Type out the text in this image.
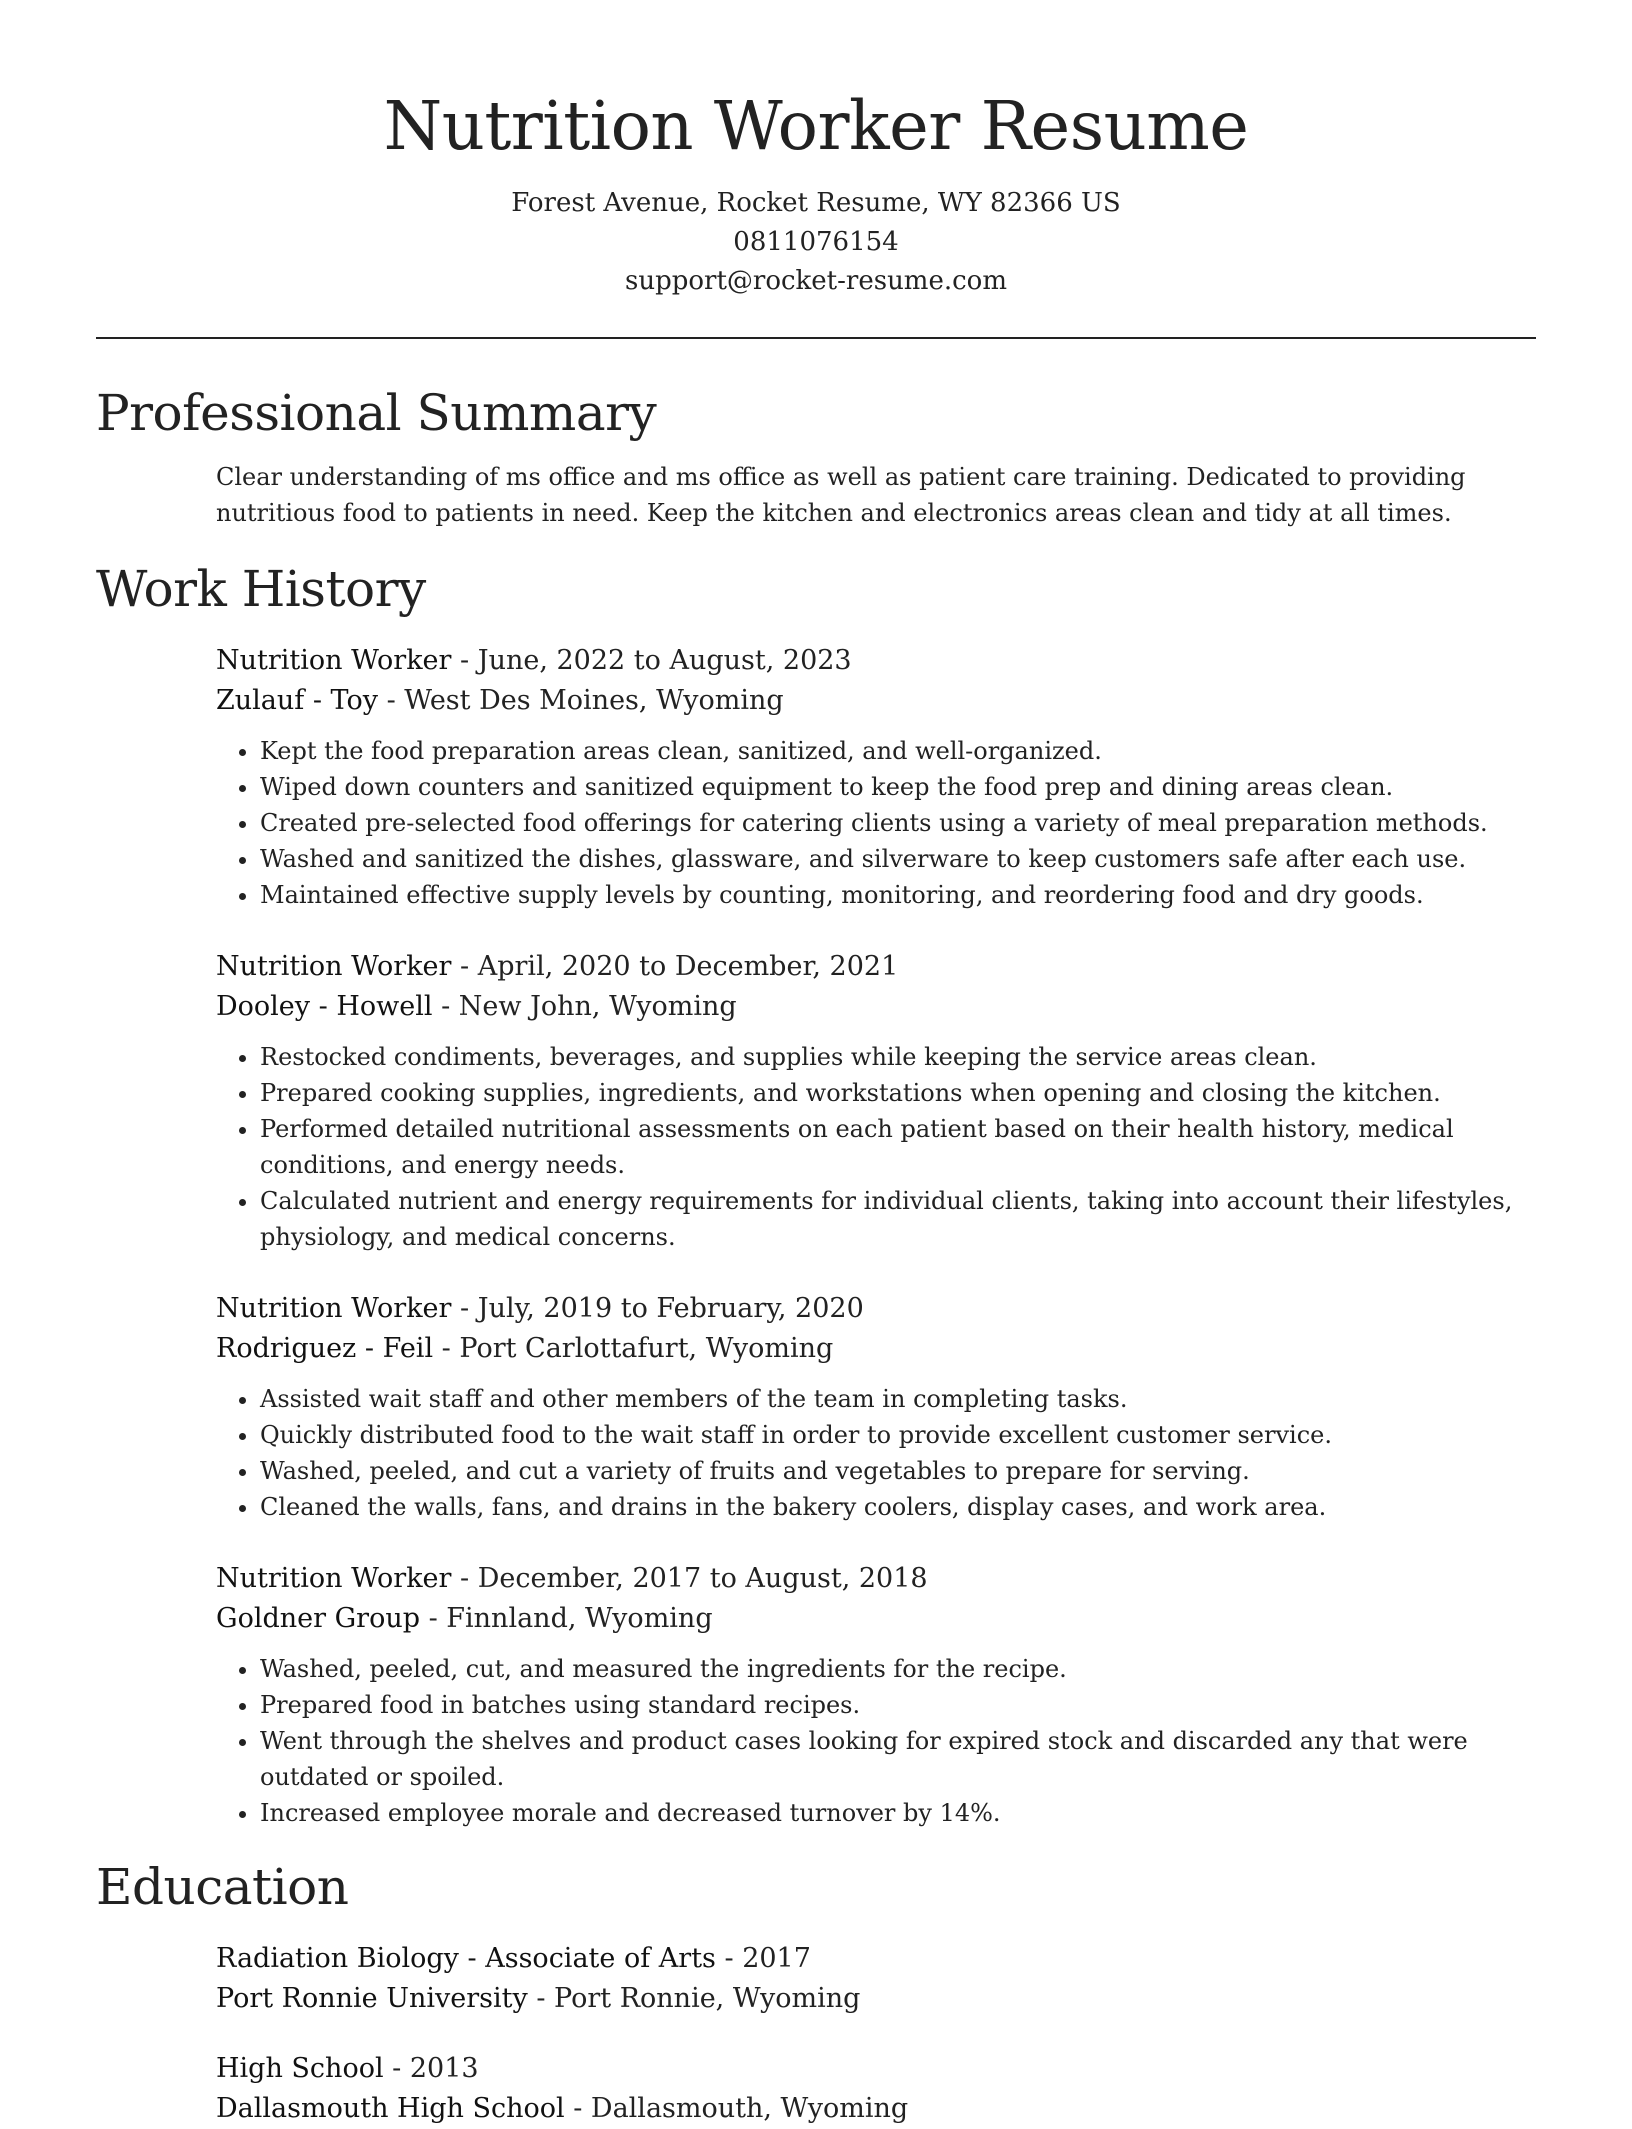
Nutrition Worker Resume
Forest Avenue, Rocket Resume, WY 82366 US
0811076154
support@rocket-resume.com
Professional Summary

Clear understanding of ms office and ms office as well as patient care training. Dedicated to providing nutritious food to patients in need. Keep the kitchen and electronics areas clean and tidy at all times.

Work History
Nutrition Worker - June, 2022 to August, 2023
Zulauf - Toy - West Des Moines, Wyoming
• Kept the food preparation areas clean, sanitized, and well-organized.
• Wiped down counters and sanitized equipment to keep the food prep and dining areas clean.
• Created pre-selected food offerings for catering clients using a variety of meal preparation methods.
• Washed and sanitized the dishes, glassware, and silverware to keep customers safe after each use.
• Maintained effective supply levels by counting, monitoring, and reordering food and dry goods.
Nutrition Worker - April, 2020 to December, 2021
Dooley - Howell - New John, Wyoming
• Restocked condiments, beverages, and supplies while keeping the service areas clean.
• Prepared cooking supplies, ingredients, and workstations when opening and closing the kitchen.
• Performed detailed nutritional assessments on each patient based on their health history, medical conditions, and energy needs.
• Calculated nutrient and energy requirements for individual clients, taking into account their lifestyles, physiology, and medical concerns.
Nutrition Worker - July, 2019 to February, 2020
Rodriguez - Feil - Port Carlottafurt, Wyoming
• Assisted wait staff and other members of the team in completing tasks.
• Quickly distributed food to the wait staff in order to provide excellent customer service.
• Washed, peeled, and cut a variety of fruits and vegetables to prepare for serving.
• Cleaned the walls, fans, and drains in the bakery coolers, display cases, and work area.
Nutrition Worker - December, 2017 to August, 2018
Goldner Group - Finnland, Wyoming
• Washed, peeled, cut, and measured the ingredients for the recipe.
• Prepared food in batches using standard recipes.
• Went through the shelves and product cases looking for expired stock and discarded any that were outdated or spoiled.
• Increased employee morale and decreased turnover by 14%.
Education
Radiation Biology - Associate of Arts - 2017
Port Ronnie University - Port Ronnie, Wyoming
High School - 2013
Dallasmouth High School - Dallasmouth, Wyoming
